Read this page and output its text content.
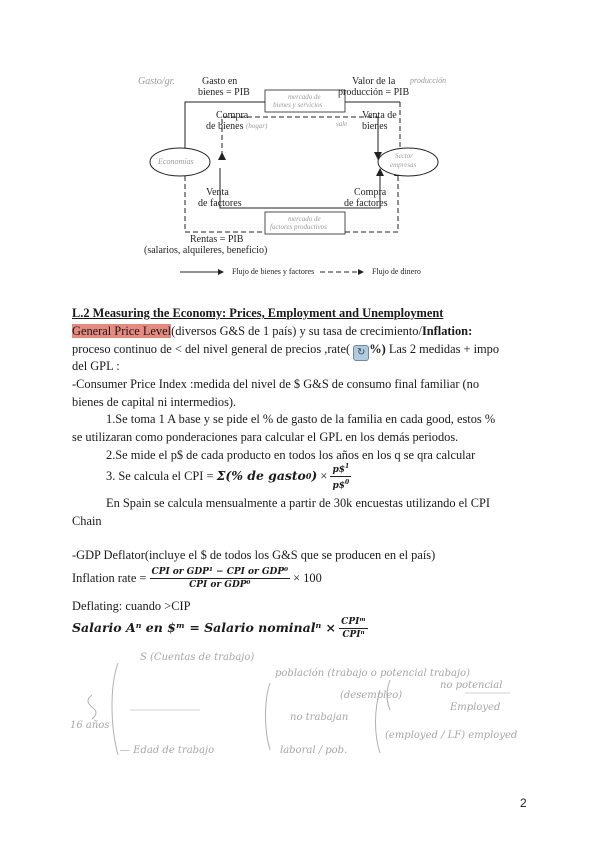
Gasto/gr.	Gasto en
bienes = PIB
Valor de la producción
producción = PIB
mercado de
bienes y servicios
Compra
de bienes (hogar)
Venta de
bienes
sale
Economías
Sector
empresas
Venta
de factores
Compra
de factores
mercado de
factores productivos
Rentas = PIB
(salarios, alquileres, beneficio)
Flujo de bienes y factores	Flujo de dinero
L.2 Measuring the Economy: Prices, Employment and Unemployment
General Price Level(diversos G&S de 1 país) y su tasa de crecimiento/Inflation:
proceso continuo de < del nivel general de precios ,rate( ↻ %) Las 2 medidas + impo
del GPL :
-Consumer Price Index :medida del nivel de $ G&S de consumo final familiar (no
bienes de capital ni intermedios).
1.Se toma 1 A base y se pide el % de gasto de la familia en cada good, estos %
se utilizaran como ponderaciones para calcular el GPL en los demás periodos.
2.Se mide el p$ de cada producto en todos los años en los q se qra calcular
3. Se calcula el CPI =
Σ(% de gasto 0 )
×
$\frac{p\$^1}{p\$^0}$
En Spain se calcula mensualmente a partir de 30k encuestas utilizando el CPI
Chain
-GDP Deflator(incluye el $ de todos los G&S que se producen en el país)
Inflation rate =
$\frac{\text{CPI or GDP¹ − CPI or GDP⁰}}{\text{CPI or GDP⁰}}$
× 100
Deflating: cuando >CIP
Salario Aⁿ en $ᵐ = Salario nominalⁿ ×
$\frac{\text{CPIᵐ}}{\text{CPIⁿ}}$
S (Cuentas de trabajo)
población (trabajo o potencial trabajo)
(desempleo)
no potencial
Employed
no trabajan
16 años
— Edad de trabajo	laboral / pob.
(employed / LF) employed
2
